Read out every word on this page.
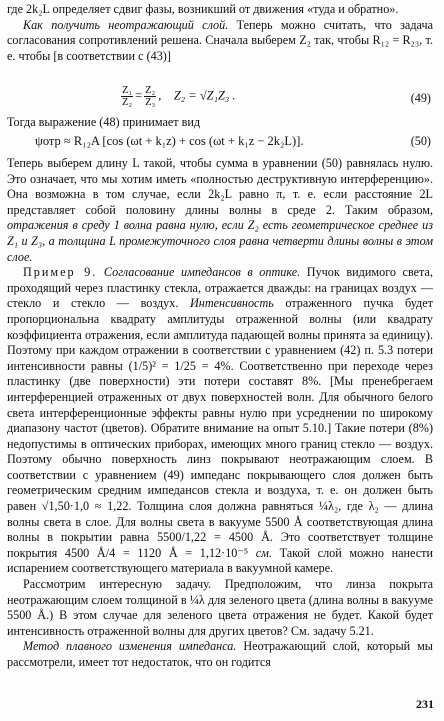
где 2k₂L определяет сдвиг фазы, возникший от движения «туда и обратно».

Как получить неотражающий слой. Теперь можно считать, что задача согласования сопротивлений решена. Сначала выберем Z₂ так, чтобы R₁₂ = R₂₃, т. е. чтобы [в соответствии с (43)]

$\frac{\text{Z₁}}{\text{Z₂}} = \frac{\text{Z₂}}{\text{Z₃}}$ ,    Z₂ = √Z₁Z₃ .	(49)

Тогда выражение (48) принимает вид

ψотр ≈ R₁₂A [cos (ωt + k₁z) + cos (ωt + k₁z − 2k₂L)].	(50)

Теперь выберем длину L такой, чтобы сумма в уравнении (50) равнялась нулю. Это означает, что мы хотим иметь «полностью деструктивную интерференцию». Она возможна в том случае, если 2k₂L равно π, т. е. если расстояние 2L представляет собой половину длины волны в среде 2. Таким образом, отражения в среду 1 волна равна нулю, если Z₂ есть геометрическое среднее из Z₁ и Z₃, а толщина L промежуточного слоя равна четверти длины волны в этом слое.

Пример 9. Согласование импедансов в оптике. Пучок видимого света, проходящий через пластинку стекла, отражается дважды: на границах воздух — стекло и стекло — воздух. Интенсивность отраженного пучка будет пропорциональна квадрату амплитуды отраженной волны (или квадрату коэффициента отражения, если амплитуда падающей волны принята за единицу). Поэтому при каждом отражении в соответствии с уравнением (42) п. 5.3 потери интенсивности равны (1/5)² = 1/25 = 4%. Соответственно при переходе через пластинку (две поверхности) эти потери составят 8%. [Мы пренебрегаем интерференцией отраженных от двух поверхностей волн. Для обычного белого света интерференционные эффекты равны нулю при усреднении по широкому диапазону частот (цветов). Обратите внимание на опыт 5.10.] Такие потери (8%) недопустимы в оптических приборах, имеющих много границ стекло — воздух. Поэтому обычно поверхность линз покрывают неотражающим слоем. В соответствии с уравнением (49) импеданс покрывающего слоя должен быть геометрическим средним импедансов стекла и воздуха, т. е. он должен быть равен √1,50·1,0 ≈ 1,22. Толщина слоя должна равняться ¼λ₂, где λ₂ — длина волны света в слое. Для волны света в вакууме 5500 Å соответствующая длина волны в покрытии равна 5500/1,22 = 4500 Å. Это соответствует толщине покрытия 4500 Å/4 = 1120 Å = 1,12·10⁻⁵ см. Такой слой можно нанести испарением соответствующего материала в вакуумной камере.

Рассмотрим интересную задачу. Предположим, что линза покрыта неотражающим слоем толщиной в ¼λ для зеленого цвета (длина волны в вакууме 5500 Å.) В этом случае для зеленого цвета отражения не будет. Какой будет интенсивность отраженной волны для других цветов? См. задачу 5.21.

Метод плавного изменения импеданса. Неотражающий слой, который мы рассмотрели, имеет тот недостаток, что он годится

231
